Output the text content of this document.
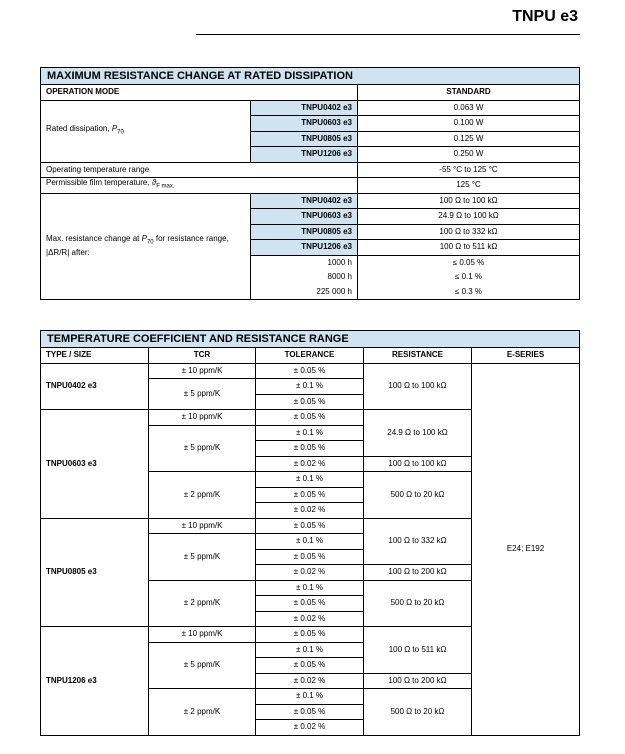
TNPU e3
MAXIMUM RESISTANCE CHANGE AT RATED DISSIPATION		
OPERATION MODE		STANDARD
Rated dissipation, $P_{70}$	TNPU0402 e3	0.063 W
	TNPU0603 e3	0.100 W
	TNPU0805 e3	0.125 W
	TNPU1206 e3	0.250 W
Operating temperature range		-55 °C to 125 °C
Permissible film temperature, $ϑ_{F max.}$		125 °C
Max. resistance change at $P_{70}$ for resistance range,
|ΔR/R| after:	TNPU0402 e3	100 Ω to 100 kΩ
	TNPU0603 e3	24.9 Ω to 100 kΩ
	TNPU0805 e3	100 Ω to 332 kΩ
	TNPU1206 e3	100 Ω to 511 kΩ
	1000 h	≤ 0.05 %
	8000 h	≤ 0.1 %
	225 000 h	≤ 0.3 %
TEMPERATURE COEFFICIENT AND RESISTANCE RANGE				
TYPE / SIZE	TCR	TOLERANCE	RESISTANCE	E-SERIES
TNPU0402 e3	± 10 ppm/K	± 0.05 %	100 Ω to 100 kΩ	E24; E192
	± 5 ppm/K	± 0.1 %		
		± 0.05 %		
TNPU0603 e3	± 10 ppm/K	± 0.05 %	24.9 Ω to 100 kΩ	
	± 5 ppm/K	± 0.1 %		
		± 0.05 %		
		± 0.02 %	100 Ω to 100 kΩ	
	± 2 ppm/K	± 0.1 %	500 Ω to 20 kΩ	
		± 0.05 %		
		± 0.02 %		
TNPU0805 e3	± 10 ppm/K	± 0.05 %	100 Ω to 332 kΩ	
	± 5 ppm/K	± 0.1 %		
		± 0.05 %		
		± 0.02 %	100 Ω to 200 kΩ	
	± 2 ppm/K	± 0.1 %	500 Ω to 20 kΩ	
		± 0.05 %		
		± 0.02 %		
TNPU1206 e3	± 10 ppm/K	± 0.05 %	100 Ω to 511 kΩ	
	± 5 ppm/K	± 0.1 %		
		± 0.05 %		
		± 0.02 %	100 Ω to 200 kΩ	
	± 2 ppm/K	± 0.1 %	500 Ω to 20 kΩ	
		± 0.05 %		
		± 0.02 %		
